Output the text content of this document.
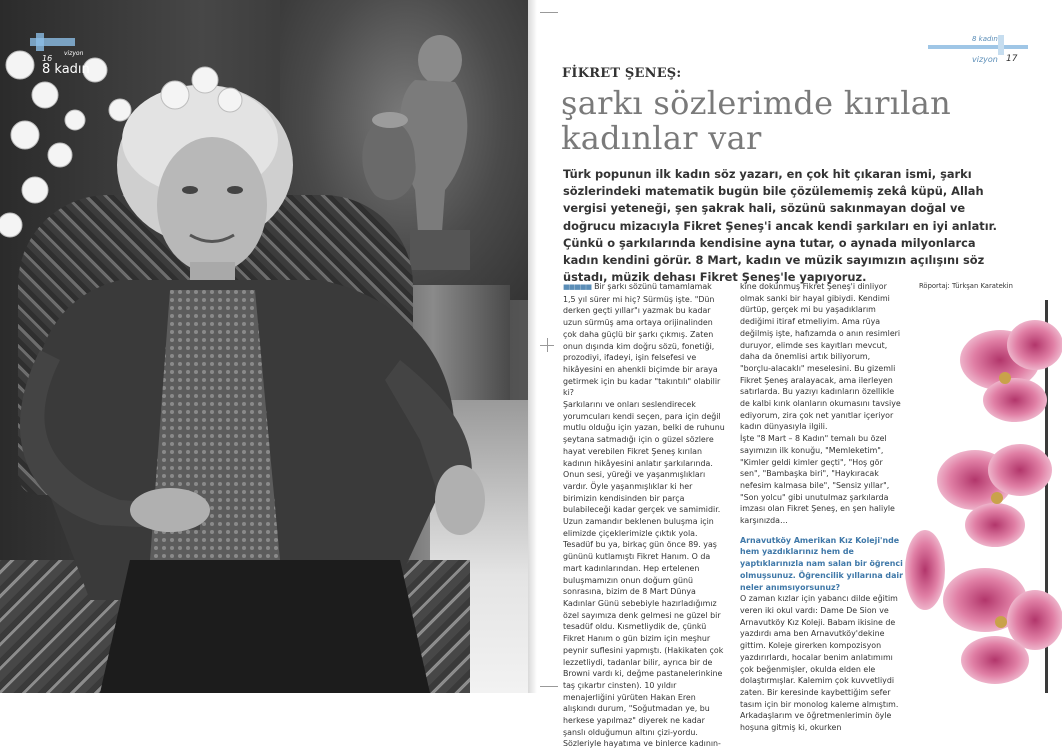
vizyon
16
8 kadın
8 kadın
vizyon 17
FİKRET ŞENEŞ:
şarkı sözlerimde kırılan kadınlar var
Türk popunun ilk kadın söz yazarı, en çok hit çıkaran ismi, şarkı sözlerindeki matematik bugün bile çözülememiş zekâ küpü, Allah vergisi yeteneği, şen şakrak hali, sözünü sakınmayan doğal ve doğrucu mizacıyla Fikret Şeneş'i ancak kendi şarkıları en iyi anlatır. Çünkü o şarkılarında kendisine ayna tutar, o aynada milyonlarca kadın kendini görür. 8 Mart, kadın ve müzik sayımızın açılışını söz üstadı, müzik dehası Fikret Şeneş'le yapıyoruz.

■■■■■ Bir şarkı sözünü tamamlamak 1,5 yıl sürer mi hiç? Sürmüş işte. "Dün derken geçti yıllar"ı yazmak bu kadar uzun sürmüş ama ortaya orijinalinden çok daha güçlü bir şarkı çıkmış. Zaten onun dışında kim doğru sözü, fonetiği, prozodiyi, ifadeyi, işin felsefesi ve hikâyesini en ahenkli biçimde bir araya getirmek için bu kadar "takıntılı" olabilir ki?

Şarkılarını ve onları seslendirecek yorumcuları kendi seçen, para için değil mutlu olduğu için yazan, belki de ruhunu şeytana satmadığı için o güzel sözlere hayat verebilen Fikret Şeneş kırılan kadının hikâyesini anlatır şarkılarında. Onun sesi, yüreği ve yaşanmışlıkları vardır. Öyle yaşanmışlıklar ki her birimizin kendisinden bir parça bulabileceği kadar gerçek ve samimidir.

Uzun zamandır beklenen buluşma için elimizde çiçeklerimizle çıktık yola. Tesadüf bu ya, birkaç gün önce 89. yaş gününü kutlamıştı Fikret Hanım. O da mart kadınlarından. Hep ertelenen buluşmamızın onun doğum günü sonrasına, bizim de 8 Mart Dünya Kadınlar Günü sebebiyle hazırladığımız özel sayımıza denk gelmesi ne güzel bir tesadüf oldu. Kısmetliydik de, çünkü Fikret Hanım o gün bizim için meşhur peynir suflesini yapmıştı. (Hakikaten çok lezzetliydi, tadanlar bilir, ayrıca bir de Browni vardı ki, değme pastanelerinkine taş çıkartır cinsten). 10 yıldır menajerliğini yürüten Hakan Eren alışkındı durum, "Soğutmadan ye, bu herkese yapılmaz" diyerek ne kadar şanslı olduğumun altını çizi-yordu. Sözleriyle hayatıma ve binlerce kadının-

kine dokunmuş Fikret Şeneş'i dinliyor olmak sanki bir hayal gibiydi. Kendimi dürtüp, gerçek mi bu yaşadıklarım dediğimi itiraf etmeliyim. Ama rüya değilmiş işte, hafızamda o anın resimleri duruyor, elimde ses kayıtları mevcut, daha da önemlisi artık biliyorum, "borçlu-alacaklı" meselesini. Bu gizemli Fikret Şeneş aralayacak, ama ilerleyen satırlarda. Bu yazıyı kadınların özellikle de kalbi kırık olanların okumasını tavsiye ediyorum, zira çok net yanıtlar içeriyor kadın dünyasıyla ilgili.

İşte "8 Mart – 8 Kadın" temalı bu özel sayımızın ilk konuğu, "Memleketim", "Kimler geldi kimler geçti", "Hoş gör sen", "Bambaşka biri", "Haykıracak nefesim kalmasa bile", "Sensiz yıllar", "Son yolcu" gibi unutulmaz şarkılarda imzası olan Fikret Şeneş, en şen haliyle karşınızda…

Arnavutköy Amerikan Kız Koleji'nde hem yazdıklarınız hem de yaptıklarınızla nam salan bir öğrenci olmuşsunuz. Öğrencilik yıllarına dair neler anımsıyorsunuz?

O zaman kızlar için yabancı dilde eğitim veren iki okul vardı: Dame De Sion ve Arnavutköy Kız Koleji. Babam ikisine de yazdırdı ama ben Arnavutköy'dekine gittim. Koleje girerken kompozisyon yazdırırlardı, hocalar benim anlatımımı çok beğenmişler, okulda elden ele dolaştırmışlar. Kalemim çok kuvvetliydi zaten. Bir keresinde kaybettiğim sefer tasım için bir monolog kaleme almıştım. Arkadaşlarım ve öğretmenlerimin öyle hoşuna gitmiş ki, okurken

Röportaj: Türkşan Karatekin
